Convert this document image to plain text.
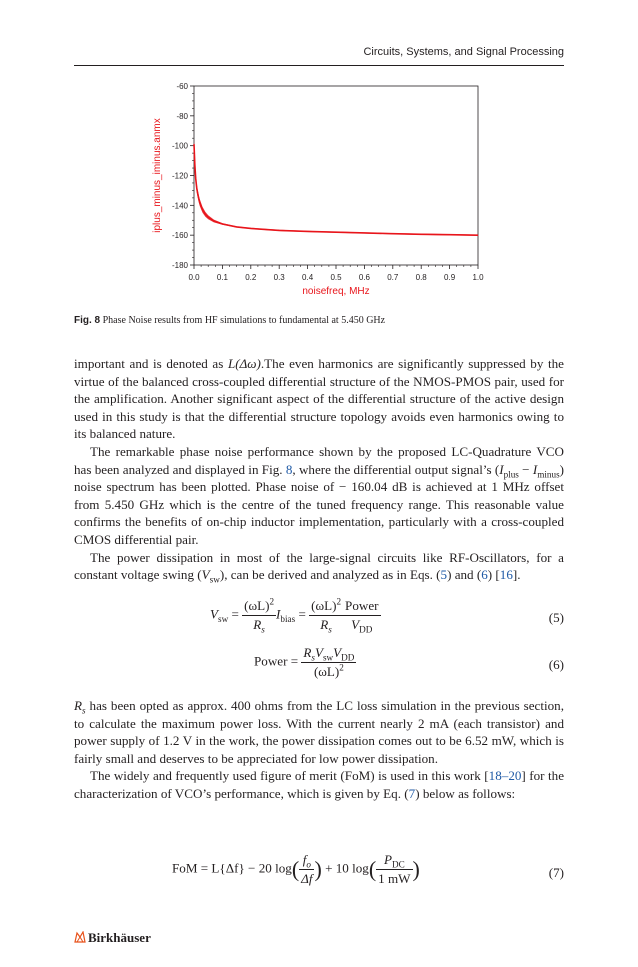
Circuits, Systems, and Signal Processing
-60
-80
-100
-120
-140
-160
-180
0.0 0.1 0.2 0.3 0.4 0.5 0.6 0.7 0.8 0.9 1.0
noisefreq, MHz
iplus_minus_iminus.anmx
Fig. 8 Phase Noise results from HF simulations to fundamental at 5.450 GHz

important and is denoted as L(Δω).The even harmonics are significantly suppressed by the virtue of the balanced cross-coupled differential structure of the NMOS-PMOS pair, used for the amplification. Another significant aspect of the differential structure of the active design used in this study is that the differential structure topology avoids even harmonics owing to its balanced nature.

The remarkable phase noise performance shown by the proposed LC-Quadrature VCO has been analyzed and displayed in Fig. 8, where the differential output signal’s $(I_{plus} - I_{minus})$ noise spectrum has been plotted. Phase noise of − 160.04 dB is achieved at 1 MHz offset from 5.450 GHz which is the centre of the tuned frequency range. This reasonable value confirms the benefits of on-chip inductor implementation, particularly with a cross-coupled CMOS differential pair.

The power dissipation in most of the large-signal circuits like RF-Oscillators, for a constant voltage swing $(V_{sw})$, can be derived and analyzed as in Eqs. (5) and (6) [16].

$V_{sw} = \frac{(\omega L)^2}{R_s} I_{bias} = \frac{(\omega L)^2}{R_s} \frac{\text{Power}}{V_{DD}}$	(5)
Power = $\frac{R_sV_{sw}V_{DD}}{(\omega L)^2}$	(6)

$R_s$ has been opted as approx. 400 ohms from the LC loss simulation in the previous section, to calculate the maximum power loss. With the current nearly 2 mA (each transistor) and power supply of 1.2 V in the work, the power dissipation comes out to be 6.52 mW, which is fairly small and deserves to be appreciated for low power dissipation.

The widely and frequently used figure of merit (FoM) is used in this work [18–20] for the characterization of VCO’s performance, which is given by Eq. (7) below as follows:

FoM = L{Δf} − 20 $\log( \frac{f_o}{\Delta f}$ ) + 10 $\log( \frac{P_{DC}}{1 mW}$ )	(7)
Birkhäuser
